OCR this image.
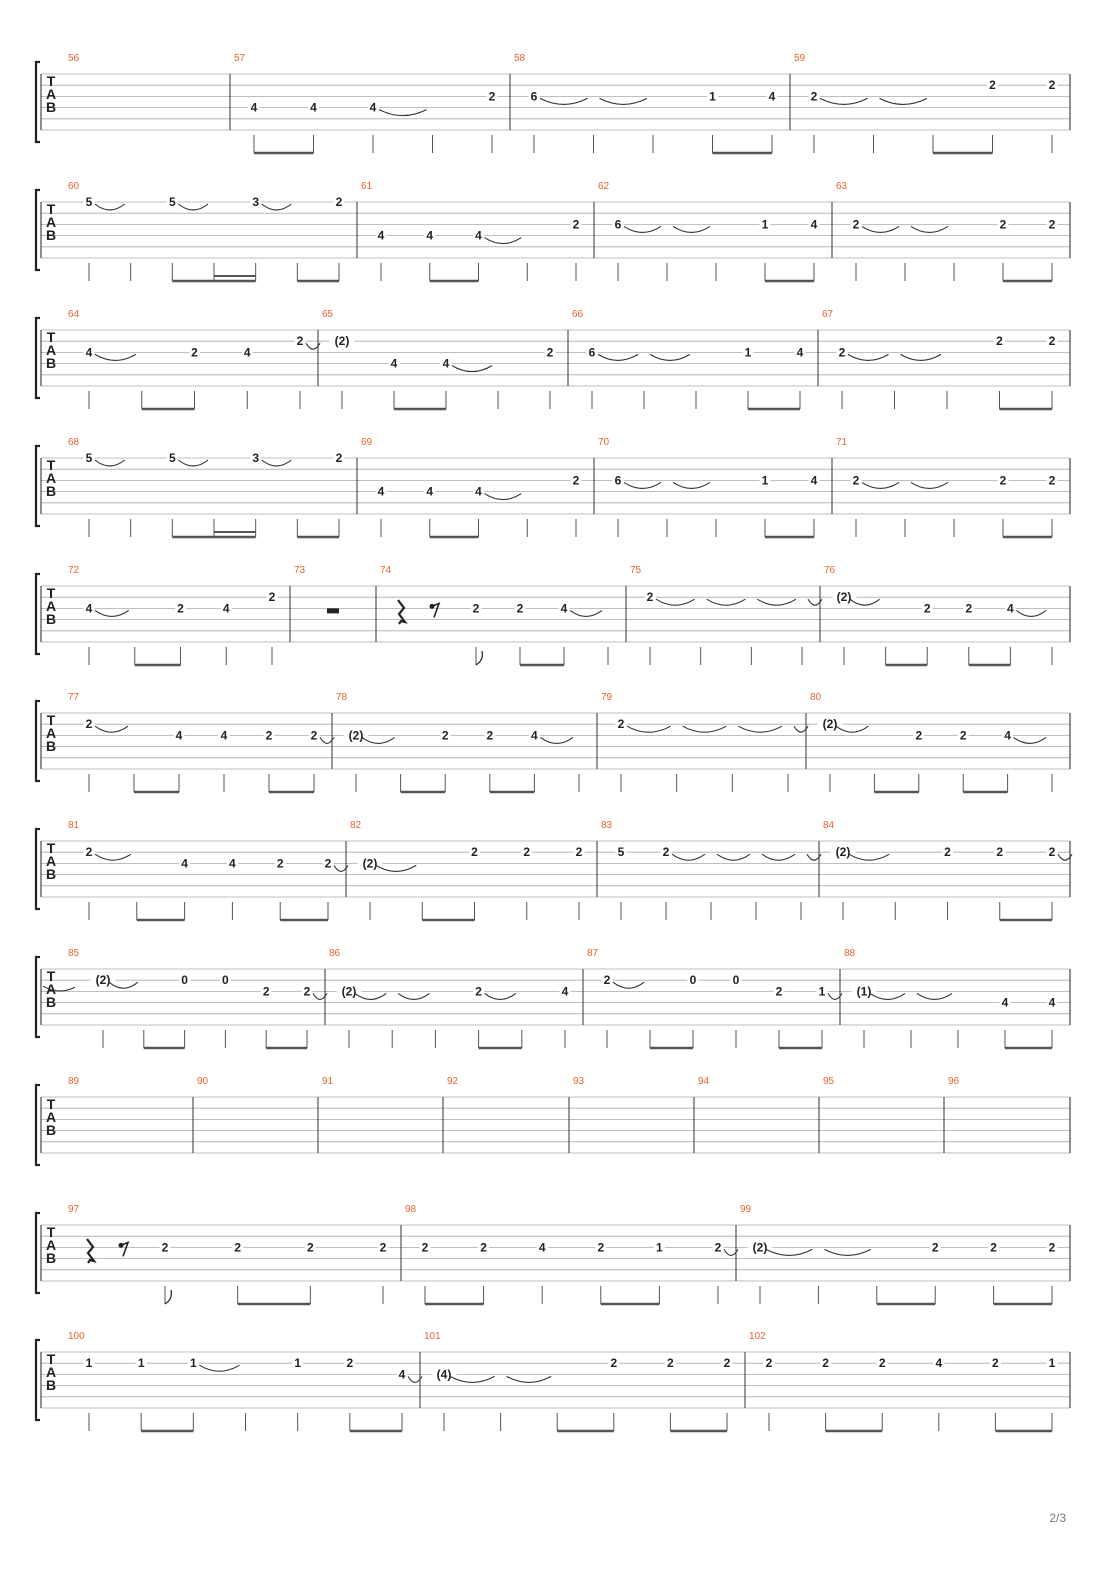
T
A
B
56	57
4	4	4
2
58
6	1	4
59
2
2	2
T
A
B
60
5	5	3	2
61
4	4	4
2
62
6	1	4
63
2	2	2
T
A
B
64
4	2	4
2
65
(2)
4	4
2
66
6	1	4
67
2
2	2
T
A
B
68
5	5	3	2
69
4	4	4
2
70
6	1	4
71
2	2	2
T
A
B
72
4	2	4
2
73	74
2	2	4
75
2
76
(2)
2	2	4
T
A
B
77
2
4	4	2	2
78
(2)	2	2	4
79
2
80
(2)
2	2	4
T
A
B
81
2
4	4	2	2
82
(2)
2	2	2
83
5	2
84
(2)	2	2	2
T
A
B
85
(2)	0	0
2	2
86
(2)	2	4
87
2	0	0
2	1
88
(1)
4	4
T
A
B
89	90	91	92	93	94	95	96
T
A
B
97
2	2	2	2
98
2	2	4	2	1	2
99
(2)	2	2	2
T
A
B
100
1	1	1	1	2
4
101
(4)
2	2	2
102
2	2	2	4	2	1
2/3
